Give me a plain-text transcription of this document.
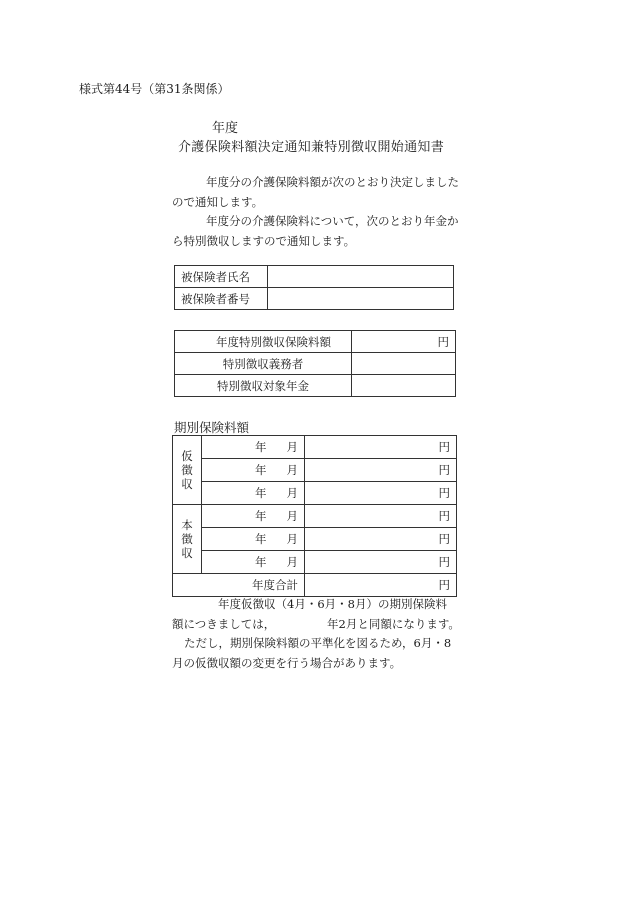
様式第44号（第31条関係）
年度
介護保険料額決定通知兼特別徴収開始通知書
年度分の介護保険料額が次のとおり決定しました
ので通知します。
年度分の介護保険料について，次のとおり年金か
ら特別徴収しますので通知します。
被保険者氏名	
被保険者番号	
年度特別徴収保険料額	円
特別徴収義務者	
特別徴収対象年金	
期別保険料額
仮徴収	年 月	円
	年 月	円
	年 月	円
本徴収	年 月	円
	年 月	円
	年 月	円
年度合計		円
年度仮徴収（4月・6月・8月）の期別保険料
額につきましては，　　　　　年2月と同額になります。
ただし，期別保険料額の平準化を図るため，6月・8
月の仮徴収額の変更を行う場合があります。
